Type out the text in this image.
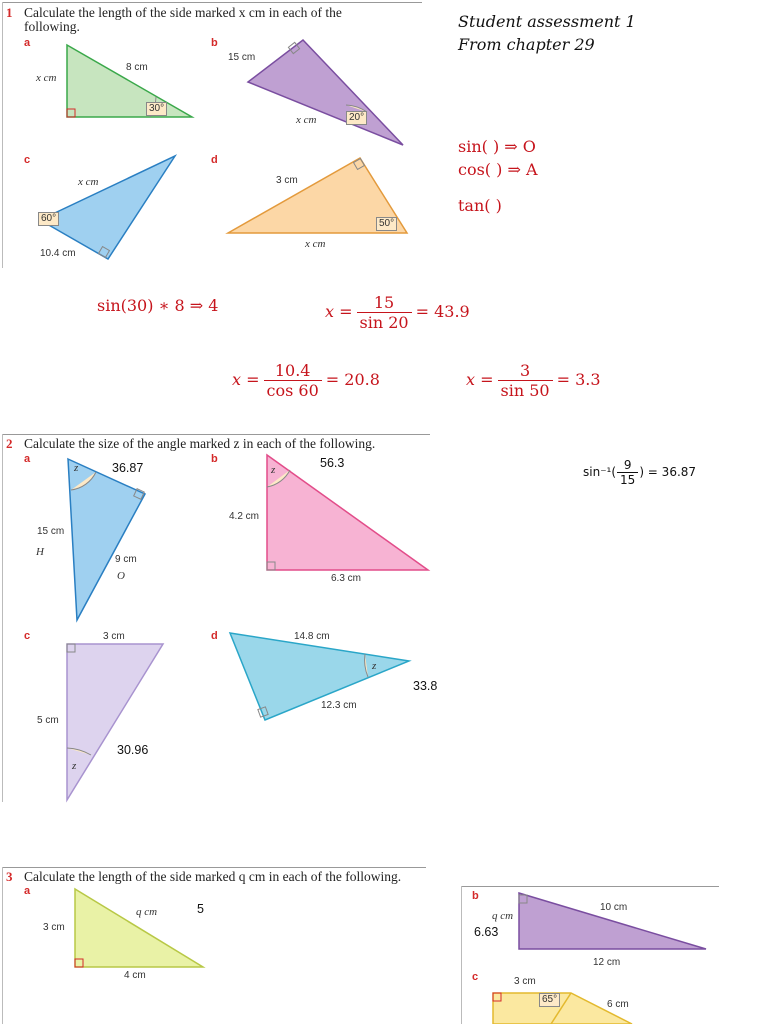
1 Calculate the length of the side marked x cm in each of the
following.
a
x cm
8 cm
30°
b
15 cm
x cm	20°
c
x cm
60°
10.4 cm
d
3 cm
50°
x cm
Student assessment 1
From chapter 29
sin( ) ⇒ O
cos( ) ⇒ A
tan( )
sin(30) ∗ 8 ⇒ 4	$x = \frac{15}{\sin 20} = 43.9$
$x = \frac{10.4}{\cos 60} = 20.8$	$x = \frac{3}{\sin 50} = 3.3$
2 Calculate the size of the angle marked z in each of the following.
a
z	36.87
15 cm
H
9 cm
O
b
z	56.3
4.2 cm
6.3 cm
$\sin^{-1}( \frac{9}{15}$ ) = 36.87
c	3 cm
5 cm
30.96
z
d	14.8 cm
z
33.8
12.3 cm
3 Calculate the length of the side marked q cm in each of the following.
a
3 cm
q cm	5
4 cm
b
q cm
6.63
10 cm
12 cm
c	3 cm
65°	6 cm
